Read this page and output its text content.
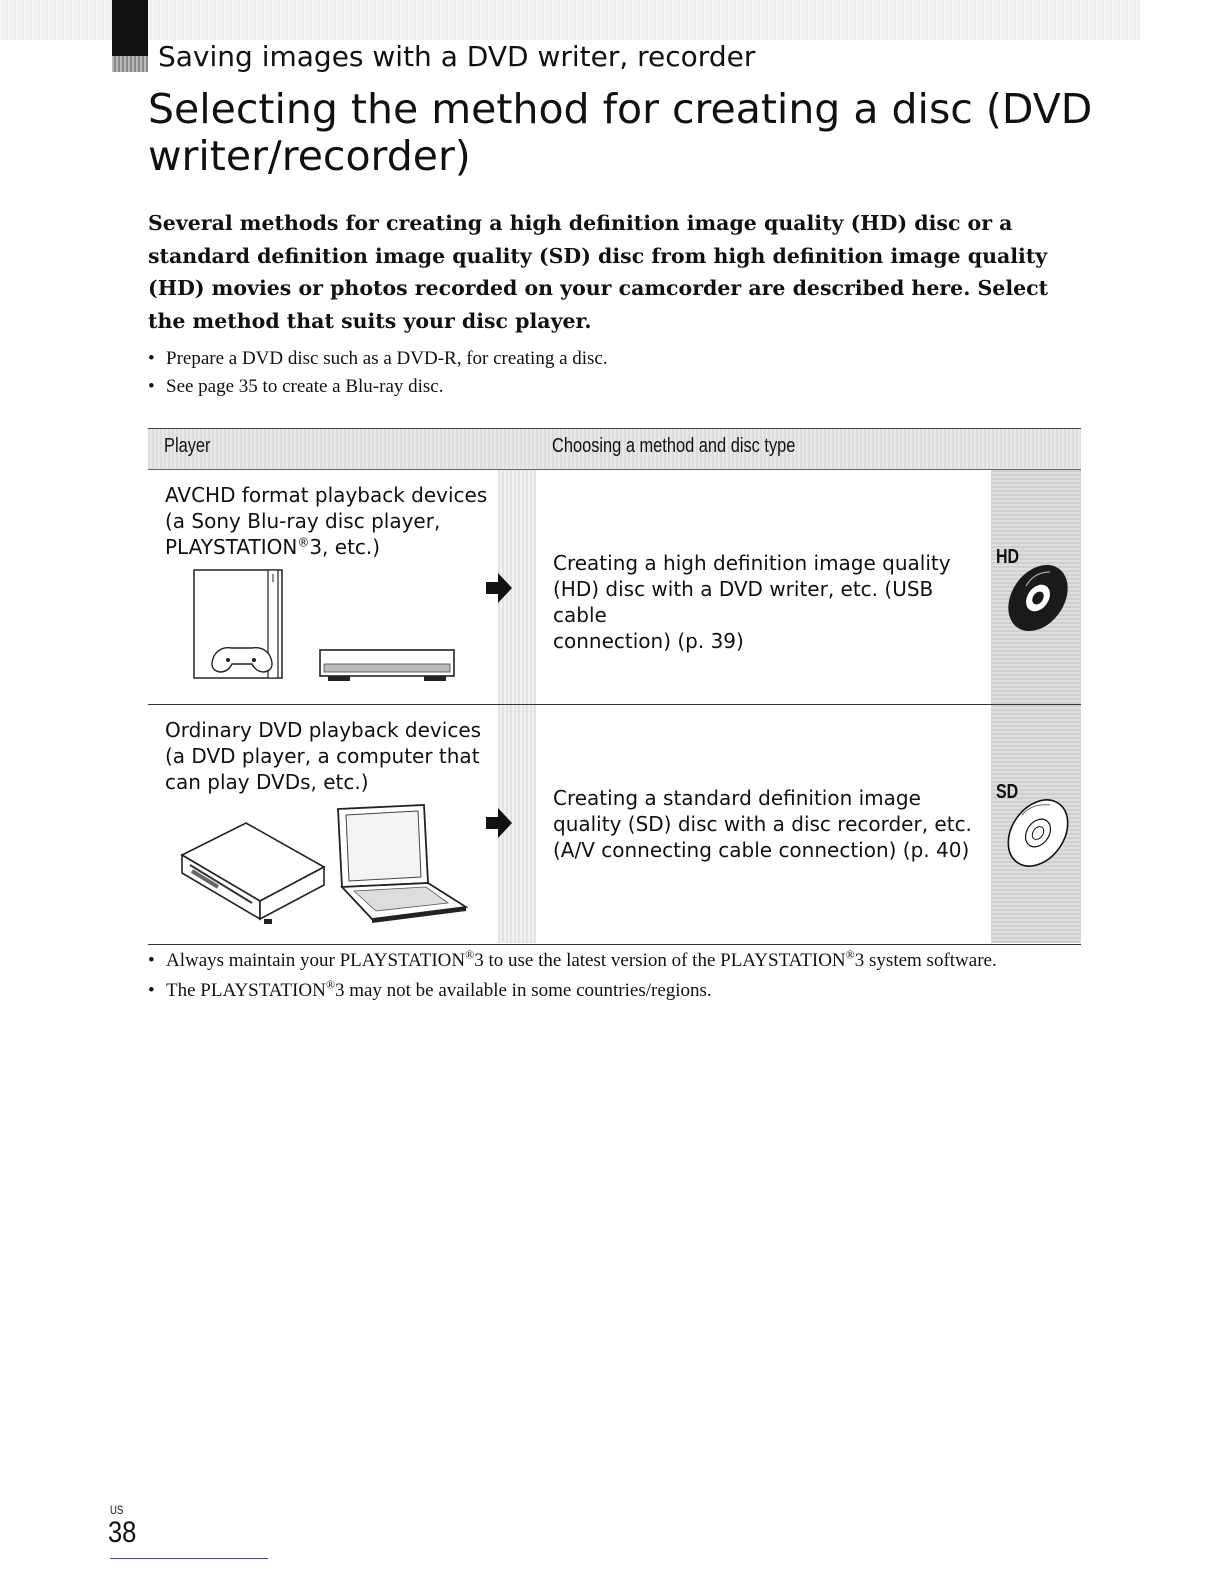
Saving images with a DVD writer, recorder
Selecting the method for creating a disc (DVD writer/recorder)

Several methods for creating a high definition image quality (HD) disc or a standard definition image quality (SD) disc from high definition image quality (HD) movies or photos recorded on your camcorder are described here. Select the method that suits your disc player.

• Prepare a DVD disc such as a DVD-R, for creating a disc.
• See page 35 to create a Blu-ray disc.
Player	Choosing a method and disc type

AVCHD format playback devices
(a Sony Blu-ray disc player,
PLAYSTATION®3, etc.)

Creating a high definition image quality
(HD) disc with a DVD writer, etc. (USB cable
connection) (p. 39)

HD

Ordinary DVD playback devices
(a DVD player, a computer that
can play DVDs, etc.)

Creating a standard definition image
quality (SD) disc with a disc recorder, etc.
(A/V connecting cable connection) (p. 40)

SD
• Always maintain your PLAYSTATION®3 to use the latest version of the PLAYSTATION®3 system software.
• The PLAYSTATION®3 may not be available in some countries/regions.
US
38
